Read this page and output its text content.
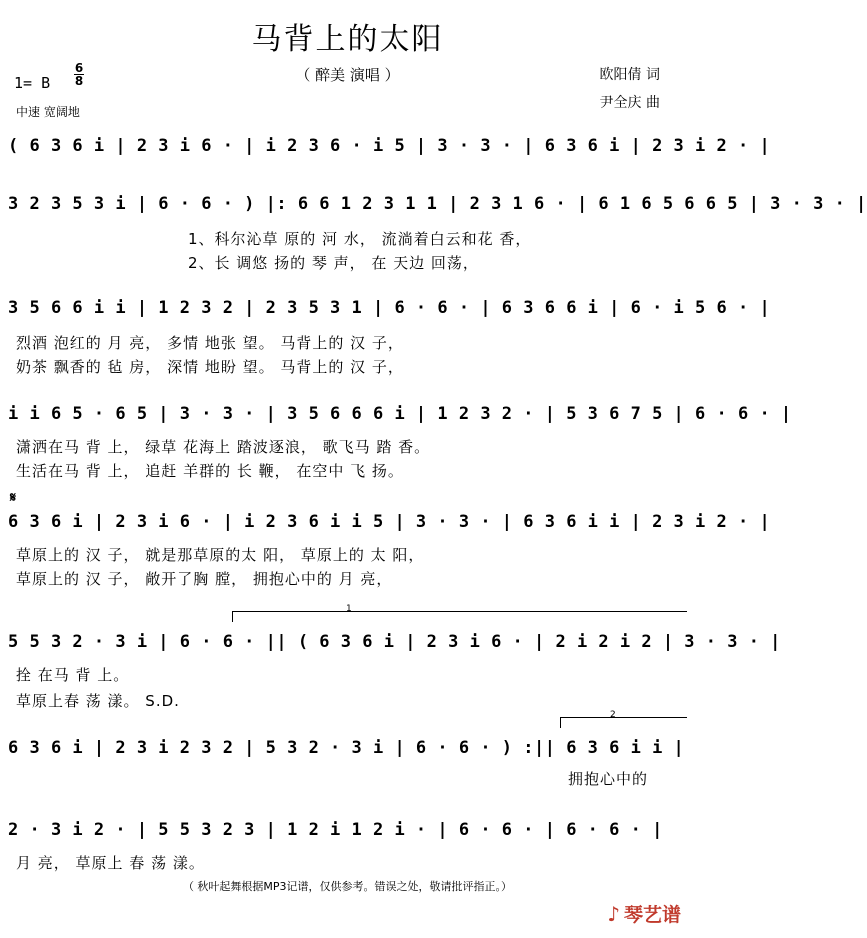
马背上的太阳
（ 醉美 演唱 ）
1= B
6
8
中速 宽阔地
欧阳倩 词
尹全庆 曲
( 6 3 6 i | 2 3 i 6 · | i 2 3 6 · i 5 | 3 · 3 · | 6 3 6 i | 2 3 i 2 · |
3 2 3 5 3 i | 6 · 6 · ) |: 6 6 1 2 3 1 1 | 2 3 1 6 · | 6 1 6 5 6 6 5 | 3 · 3 · |
1、科尔沁草 原的 河 水， 流淌着白云和花 香，
2、长 调悠 扬的 琴 声， 在 天边 回荡，
3 5 6 6 i i | 1 2 3 2 | 2 3 5 3 1 | 6 · 6 · | 6 3 6 6 i | 6 · i 5 6 · |
烈酒 泡红的 月 亮， 多情 地张 望。 马背上的 汉 子，
奶茶 飘香的 毡 房， 深情 地盼 望。 马背上的 汉 子，
i i 6 5 · 6 5 | 3 · 3 · | 3 5 6 6 6 i | 1 2 3 2 · | 5 3 6 7 5 | 6 · 6 · |
潇洒在马 背 上， 绿草 花海上 踏波逐浪， 歌飞马 踏 香。
生活在马 背 上， 追赶 羊群的 长 鞭， 在空中 飞 扬。
𝄋
6 3 6 i | 2 3 i 6 · | i 2 3 6 i i 5 | 3 · 3 · | 6 3 6 i i | 2 3 i 2 · |
草原上的 汉 子， 就是那草原的太 阳， 草原上的 太 阳，
草原上的 汉 子， 敞开了胸 膛， 拥抱心中的 月 亮，
1
5 5 3 2 · 3 i | 6 · 6 · || ( 6 3 6 i | 2 3 i 6 · | 2 i 2 i 2 | 3 · 3 · |
拴 在马 背 上。
草原上春 荡 漾。 S.D.
2
6 3 6 i | 2 3 i 2 3 2 | 5 3 2 · 3 i | 6 · 6 · ) :|| 6 3 6 i i |
拥抱心中的
2 · 3 i 2 · | 5 5 3 2 3 | 1 2 i 1 2 i · | 6 · 6 · | 6 · 6 · |
月 亮， 草原上 春 荡 漾。
（ 秋叶起舞根据MP3记谱，仅供参考。错误之处，敬请批评指正。）
♪ 琴艺谱
